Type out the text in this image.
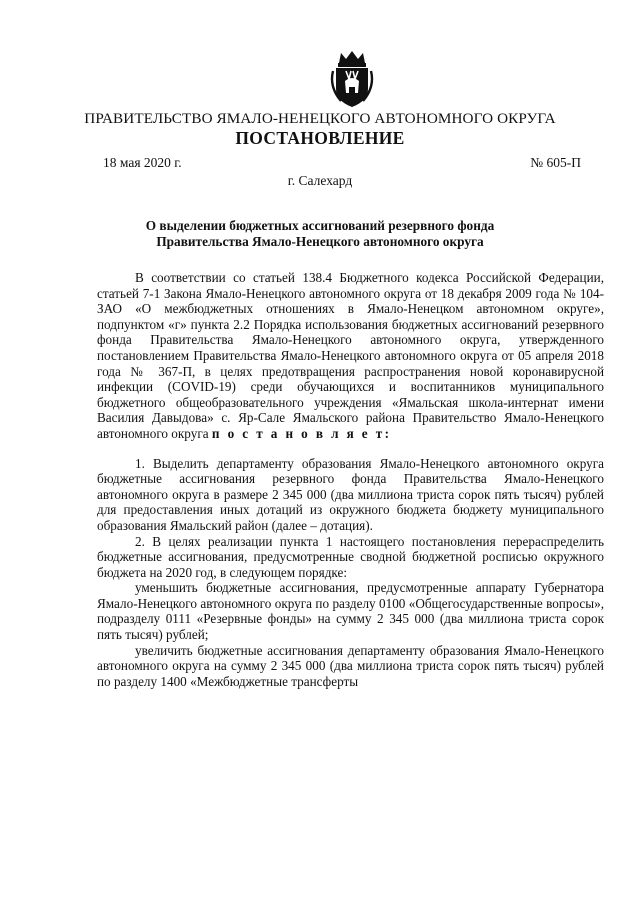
ПРАВИТЕЛЬСТВО ЯМАЛО-НЕНЕЦКОГО АВТОНОМНОГО ОКРУГА
ПОСТАНОВЛЕНИЕ
18 мая 2020 г.	№ 605-П
г. Салехард
О выделении бюджетных ассигнований резервного фонда
Правительства Ямало-Ненецкого автономного округа

В соответствии со статьей 138.4 Бюджетного кодекса Российской Федерации, статьей 7-1 Закона Ямало-Ненецкого автономного округа от 18 декабря 2009 года № 104-ЗАО «О межбюджетных отношениях в Ямало-Ненецком автономном округе», подпунктом «г» пункта 2.2 Порядка использования бюджетных ассигнований резервного фонда Правительства Ямало-Ненецкого автономного округа, утвержденного постановлением Правительства Ямало-Ненецкого автономного округа от 05 апреля 2018 года № 367-П, в целях предотвращения распространения новой коронавирусной инфекции (COVID-19) среди обучающихся и воспитанников муниципального бюджетного общеобразовательного учреждения «Ямальская школа-интернат имени Василия Давыдова» с. Яр-Сале Ямальского района Правительство Ямало-Ненецкого автономного округа п о с т а н о в л я е т:

1. Выделить департаменту образования Ямало-Ненецкого автономного округа бюджетные ассигнования резервного фонда Правительства Ямало-Ненецкого автономного округа в размере 2 345 000 (два миллиона триста сорок пять тысяч) рублей для предоставления иных дотаций из окружного бюджета бюджету муниципального образования Ямальский район (далее – дотация).

2. В целях реализации пункта 1 настоящего постановления перераспределить бюджетные ассигнования, предусмотренные сводной бюджетной росписью окружного бюджета на 2020 год, в следующем порядке:

уменьшить бюджетные ассигнования, предусмотренные аппарату Губернатора Ямало-Ненецкого автономного округа по разделу 0100 «Общегосударственные вопросы», подразделу 0111 «Резервные фонды» на сумму 2 345 000 (два миллиона триста сорок пять тысяч) рублей;

увеличить бюджетные ассигнования департаменту образования Ямало-Ненецкого автономного округа на сумму 2 345 000 (два миллиона триста сорок пять тысяч) рублей по разделу 1400 «Межбюджетные трансферты
